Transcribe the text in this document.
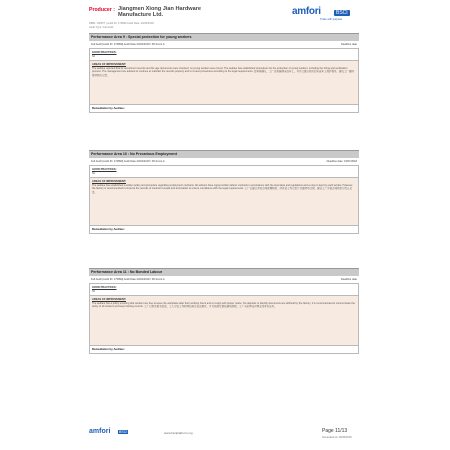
Producer : Jiangmen Xiong Jian Hardware Manufacture Ltd.
DBID: 156877 | Audit ID: 173890 Audit Date: 20/04/2018
Audit Type: Full Audit
amfori	BSCI
Trade with purpose
Performance Area 9 : Special protection for young workers
Full Audit [Audit ID: 173890] Audit Date 20/04/2018 / PA Score A	Deadline date
GOOD PRACTICES:
Nil
AREAS OF IMPROVEMENT:
The auditee reported that its recruitment records and the age documents were checked; no young workers were found. The auditee has established procedures for the protection of young workers, including the hiring and verification process. The management are advised to continue to maintain the records properly and to review procedures according to the legal requirements. 经审核确认，工厂没有雇佣未成年工，并且已建立相关的未成年工保护程序，建议工厂继续保持相关记录。
Remediation by Auditee:
Performance Area 10 : No Precarious Employment
Full Audit [Audit ID: 173890] Audit Date 20/04/2018 / PA Score A	Deadline date: 19/07/2018
GOOD PRACTICES:
Nil
AREAS OF IMPROVEMENT:
The auditee has established a written policy and procedure regarding employment contracts. All workers have signed written labour contracts in accordance with the local laws and regulations and a copy is kept by each worker. However, the factory is recommended to improve the records of contract renewal and termination to ensure compliance with the legal requirements. 工厂已建立劳动合同管理制度，所有员工均已签订书面劳动合同，建议工厂完善合同续签与终止记录。
Remediation by Auditee:
Performance Area 11 : No Bonded Labour
Full Audit [Audit ID: 173890] Audit Date 20/04/2018 / PA Score A	Deadline date
GOOD PRACTICES:
Nil
AREAS OF IMPROVEMENT:
The auditee has a policy ensuring that workers are free to leave the workplace after their working hours and to resign with proper notice. No deposits or identity documents are withheld by the factory. It is recommended to communicate the policy to all workers and keep training records. 工厂已制定相关政策，工人可在工作时间结束后自由离开，且可按规定提前通知辞职，工厂未扣押任何押金或身份证件。
Remediation by Auditee:
amfori BSCI	www.bsciplatform.org	Page 11/13
Generated on 16/05/2018
